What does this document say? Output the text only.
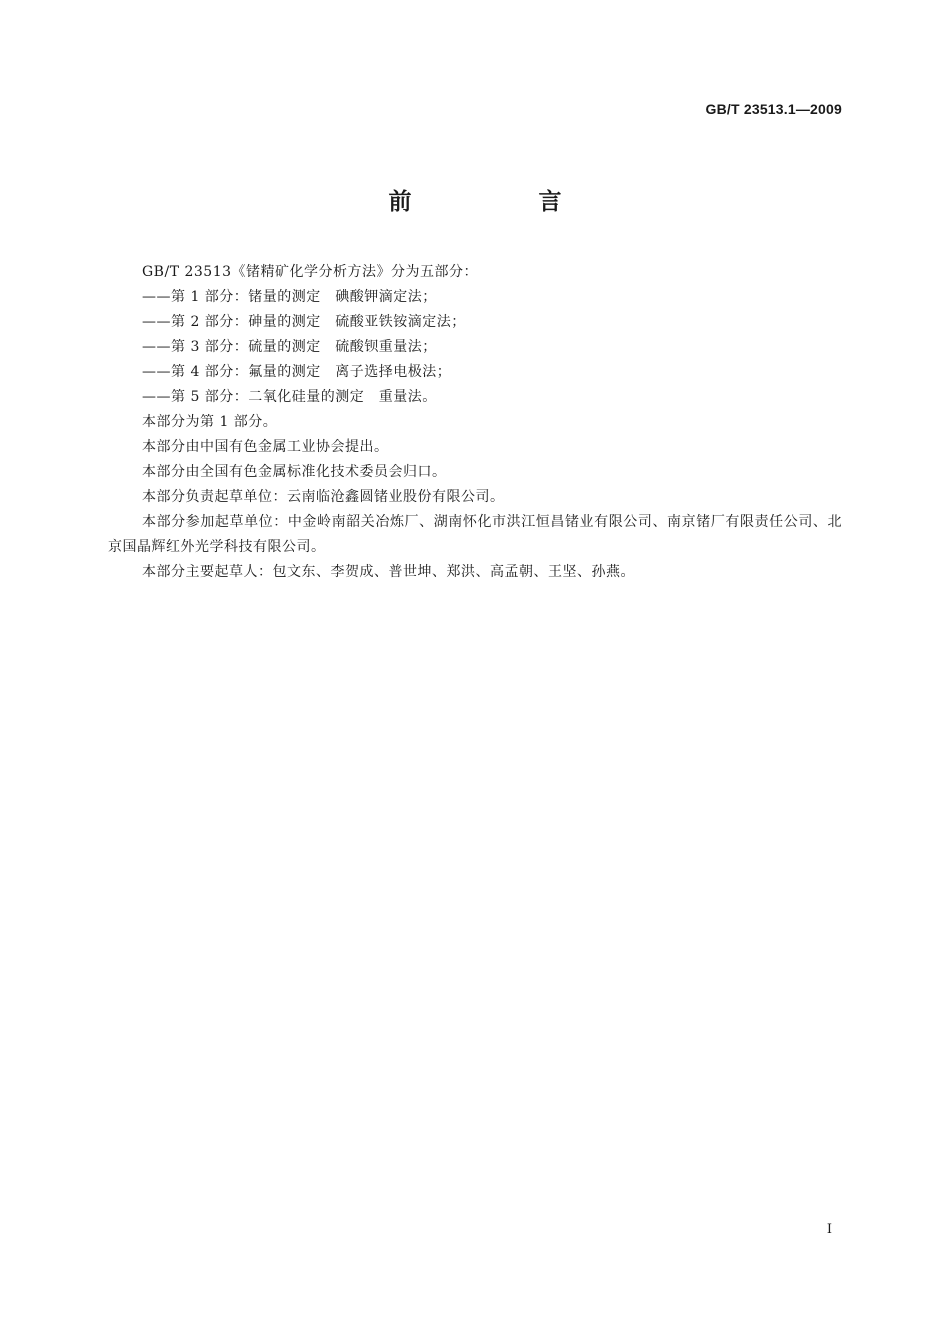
GB/T 23513.1—2009
前　言

GB/T 23513《锗精矿化学分析方法》分为五部分：

——第 1 部分：锗量的测定　碘酸钾滴定法；

——第 2 部分：砷量的测定　硫酸亚铁铵滴定法；

——第 3 部分：硫量的测定　硫酸钡重量法；

——第 4 部分：氟量的测定　离子选择电极法；

——第 5 部分：二氧化硅量的测定　重量法。

本部分为第 1 部分。

本部分由中国有色金属工业协会提出。

本部分由全国有色金属标准化技术委员会归口。

本部分负责起草单位：云南临沧鑫圆锗业股份有限公司。

本部分参加起草单位：中金岭南韶关冶炼厂、湖南怀化市洪江恒昌锗业有限公司、南京锗厂有限责任公司、北京国晶辉红外光学科技有限公司。

本部分主要起草人：包文东、李贺成、普世坤、郑洪、高孟朝、王坚、孙燕。

I
